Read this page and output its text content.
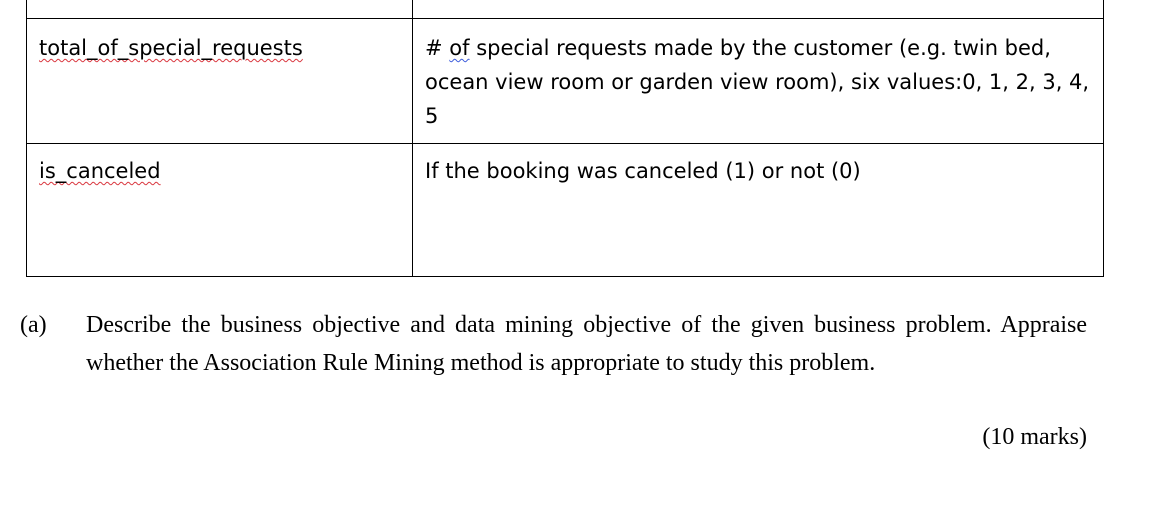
total_of_special_requests	# of special requests made by the customer (e.g. twin bed, ocean view room or garden view room), six values:0, 1, 2, 3, 4, 5
is_canceled	If the booking was canceled (1) or not (0)
(a) Describe the business objective and data mining objective of the given business problem. Appraise whether the Association Rule Mining method is appropriate to study this problem.
(10 marks)
